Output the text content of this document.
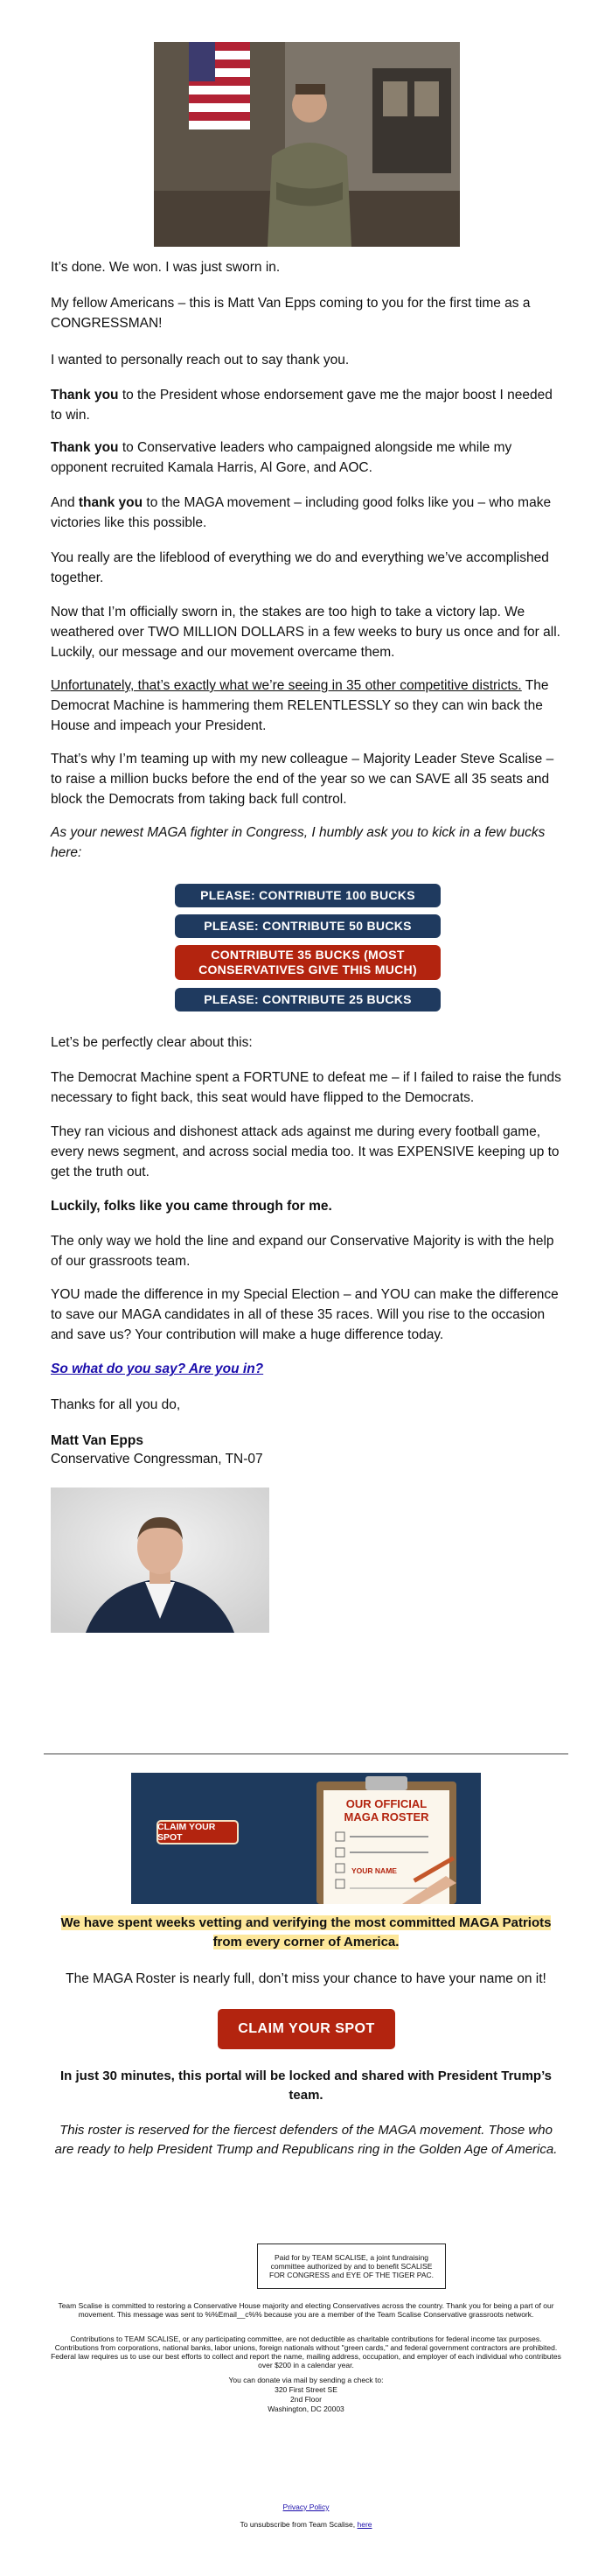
It’s done. We won. I was just sworn in.

My fellow Americans – this is Matt Van Epps coming to you for the first time as a CONGRESSMAN!

I wanted to personally reach out to say thank you.

Thank you to the President whose endorsement gave me the major boost I needed to win.

Thank you to Conservative leaders who campaigned alongside me while my opponent recruited Kamala Harris, Al Gore, and AOC.

And thank you to the MAGA movement – including good folks like you – who make victories like this possible.

You really are the lifeblood of everything we do and everything we’ve accomplished together.

Now that I’m officially sworn in, the stakes are too high to take a victory lap. We weathered over TWO MILLION DOLLARS in a few weeks to bury us once and for all. Luckily, our message and our movement overcame them.

Unfortunately, that’s exactly what we’re seeing in 35 other competitive districts. The Democrat Machine is hammering them RELENTLESSLY so they can win back the House and impeach your President.

That’s why I’m teaming up with my new colleague – Majority Leader Steve Scalise – to raise a million bucks before the end of the year so we can SAVE all 35 seats and block the Democrats from taking back full control.

As your newest MAGA fighter in Congress, I humbly ask you to kick in a few bucks here:

PLEASE: CONTRIBUTE 100 BUCKS
PLEASE: CONTRIBUTE 50 BUCKS
CONTRIBUTE 35 BUCKS (MOST CONSERVATIVES GIVE THIS MUCH)
PLEASE: CONTRIBUTE 25 BUCKS

Let’s be perfectly clear about this:

The Democrat Machine spent a FORTUNE to defeat me – if I failed to raise the funds necessary to fight back, this seat would have flipped to the Democrats.

They ran vicious and dishonest attack ads against me during every football game, every news segment, and across social media too. It was EXPENSIVE keeping up to get the truth out.

Luckily, folks like you came through for me.

The only way we hold the line and expand our Conservative Majority is with the help of our grassroots team.

YOU made the difference in my Special Election – and YOU can make the difference to save our MAGA candidates in all of these 35 races. Will you rise to the occasion and save us? Your contribution will make a huge difference today.

So what do you say? Are you in?

Thanks for all you do,

Matt Van Epps

Conservative Congressman, TN-07

CLAIM YOUR SPOT
OUR OFFICIAL
MAGA ROSTER
YOUR NAME

We have spent weeks vetting and verifying the most committed MAGA Patriots from every corner of America.

The MAGA Roster is nearly full, don’t miss your chance to have your name on it!

CLAIM YOUR SPOT

In just 30 minutes, this portal will be locked and shared with President Trump’s team.

This roster is reserved for the fiercest defenders of the MAGA movement. Those who are ready to help President Trump and Republicans ring in the Golden Age of America.

Paid for by TEAM SCALISE, a joint fundraising committee authorized by and to benefit SCALISE FOR CONGRESS and EYE OF THE TIGER PAC.

Team Scalise is committed to restoring a Conservative House majority and electing Conservatives across the country. Thank you for being a part of our movement. This message was sent to %%Email__c%% because you are a member of the Team Scalise Conservative grassroots network.

Contributions to TEAM SCALISE, or any participating committee, are not deductible as charitable contributions for federal income tax purposes. Contributions from corporations, national banks, labor unions, foreign nationals without "green cards," and federal government contractors are prohibited. Federal law requires us to use our best efforts to collect and report the name, mailing address, occupation, and employer of each individual who contributes over $200 in a calendar year.

You can donate via mail by sending a check to:

320 First Street SE

2nd Floor

Washington, DC 20003

Privacy Policy

To unsubscribe from Team Scalise, here
